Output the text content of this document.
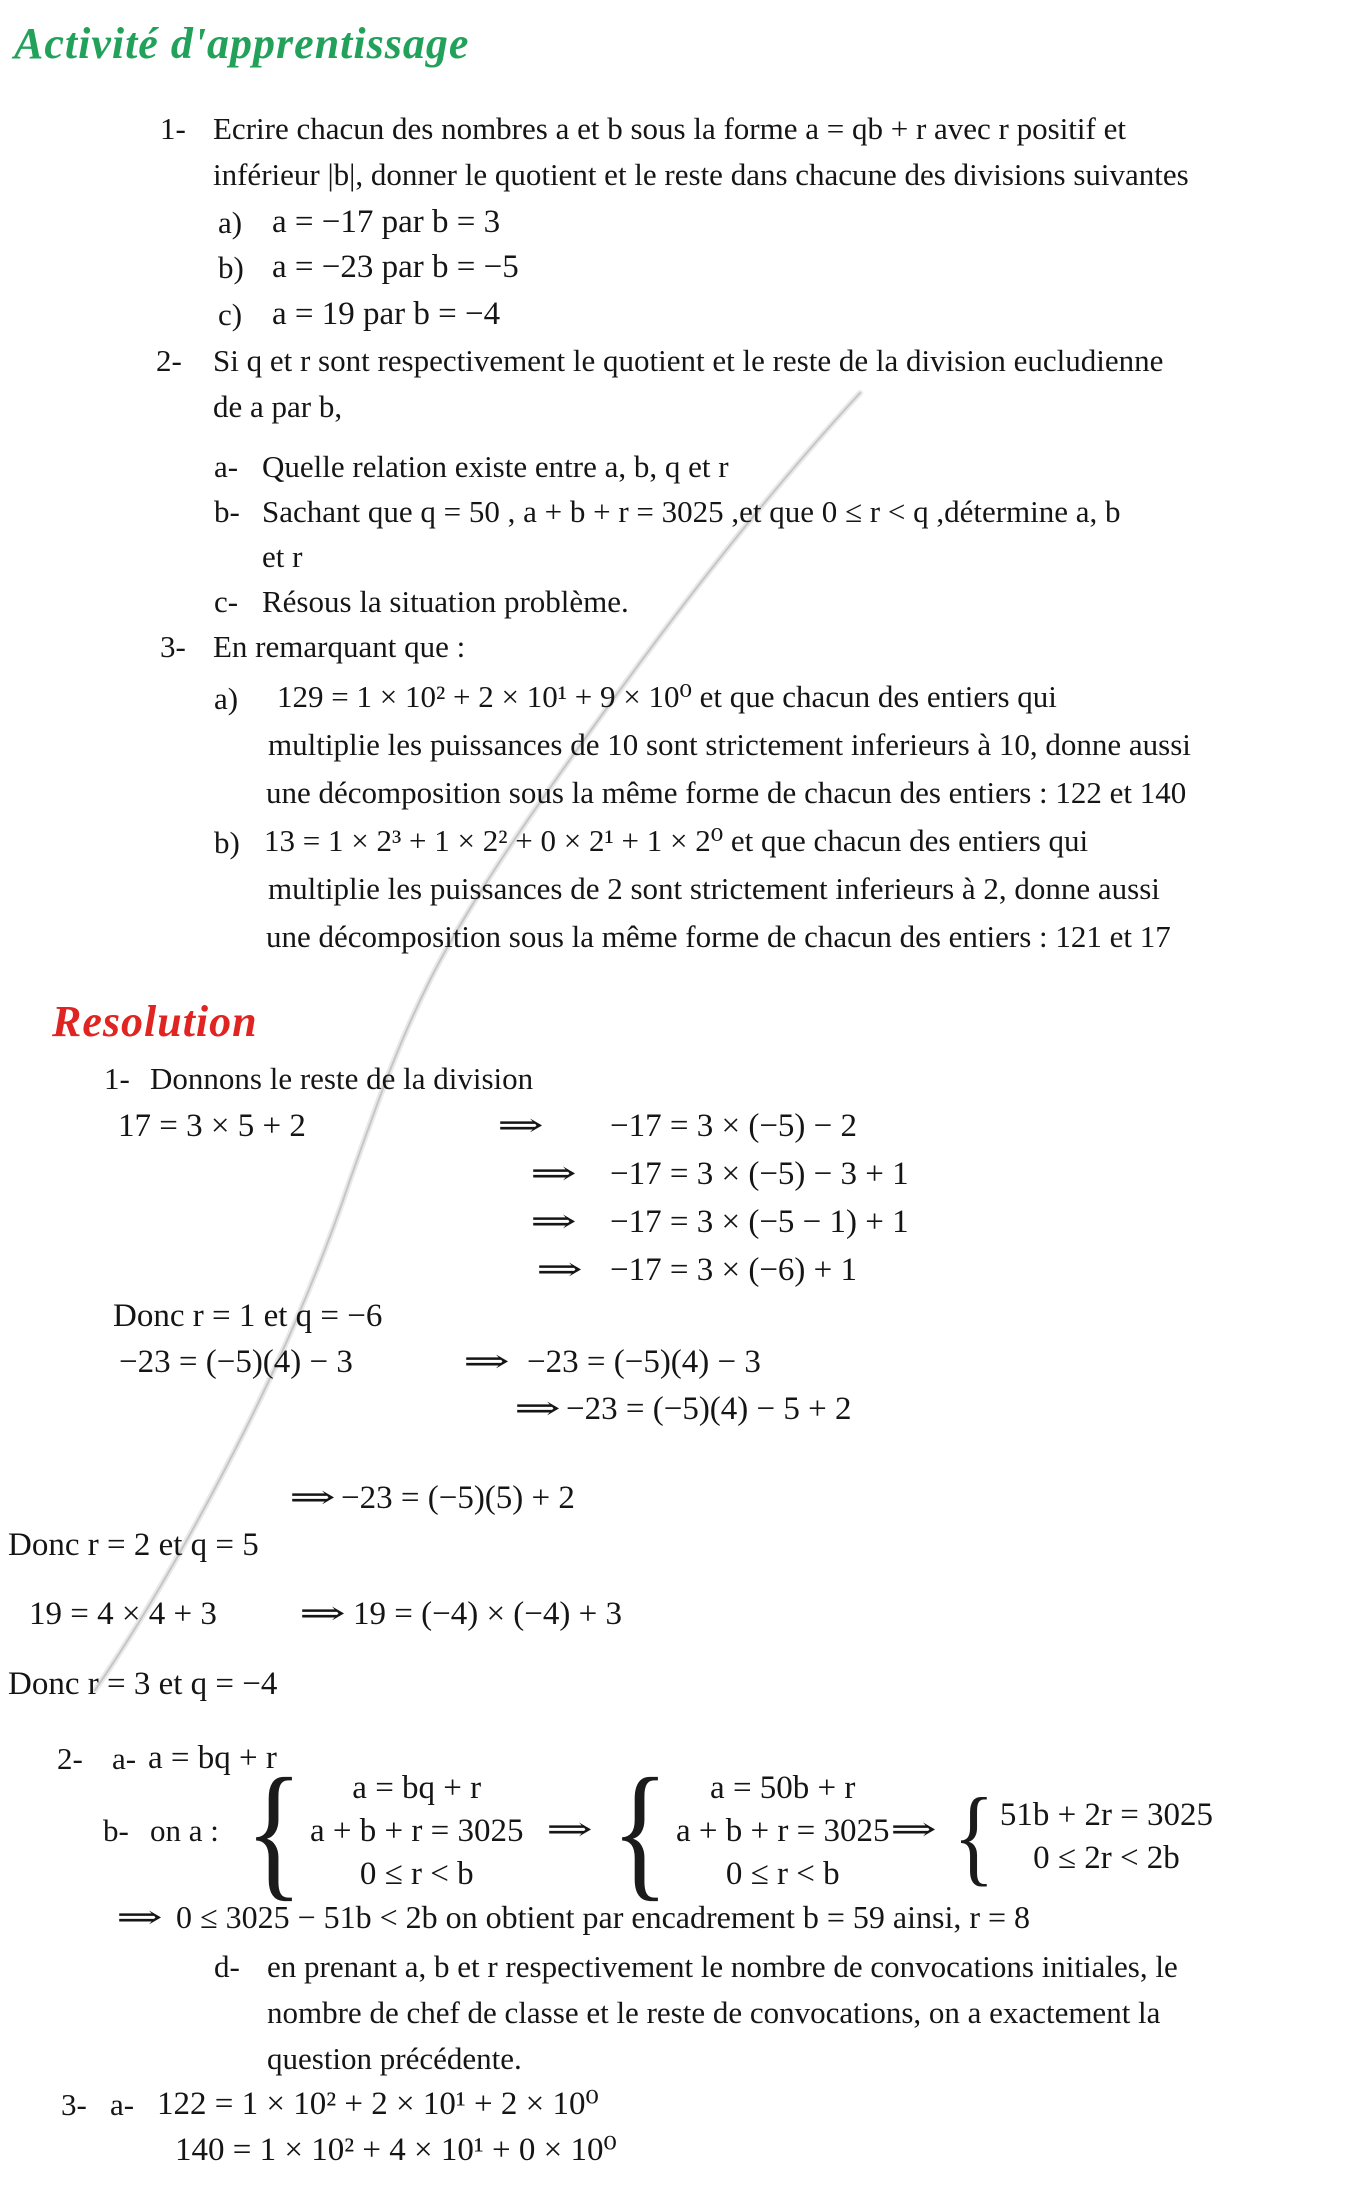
Activité d'apprentissage
1- Ecrire chacun des nombres a et b sous la forme a = qb + r avec r positif et
inférieur |b|, donner le quotient et le reste dans chacune des divisions suivantes
a) a = −17 par b = 3
b) a = −23 par b = −5
c) a = 19 par b = −4
2- Si q et r sont respectivement le quotient et le reste de la division eucludienne
de a par b,
a- Quelle relation existe entre a, b, q et r
b- Sachant que q = 50 , a + b + r = 3025 ,et que 0 ≤ r < q ,détermine a, b
et r
c- Résous la situation problème.
3- En remarquant que :
a) 129 = 1 × 10² + 2 × 10¹ + 9 × 10⁰ et que chacun des entiers qui
multiplie les puissances de 10 sont strictement inferieurs à 10, donne aussi
une décomposition sous la même forme de chacun des entiers : 122 et 140
b) 13 = 1 × 2³ + 1 × 2² + 0 × 2¹ + 1 × 2⁰ et que chacun des entiers qui
multiplie les puissances de 2 sont strictement inferieurs à 2, donne aussi
une décomposition sous la même forme de chacun des entiers : 121 et 17
Resolution
1- Donnons le reste de la division
17 = 3 × 5 + 2	⇒ −17 = 3 × (−5) − 2
⇒ −17 = 3 × (−5) − 3 + 1
⇒ −17 = 3 × (−5 − 1) + 1
⇒ −17 = 3 × (−6) + 1
Donc r = 1 et q = −6
−23 = (−5)(4) − 3	⇒ −23 = (−5)(4) − 3
⇒ −23 = (−5)(4) − 5 + 2
⇒ −23 = (−5)(5) + 2
Donc r = 2 et q = 5
19 = 4 × 4 + 3 ⇒ 19 = (−4) × (−4) + 3
Donc r = 3 et q = −4
2- a- a = bq + r
b- on a : { a = bq + r
a + b + r = 3025
0 ≤ r < b
⇒ { a = 50b + r
a + b + r = 3025
0 ≤ r < b
⇒ { 51b + 2r = 3025
0 ≤ 2r < 2b
⇒ 0 ≤ 3025 − 51b < 2b on obtient par encadrement b = 59 ainsi, r = 8
d- en prenant a, b et r respectivement le nombre de convocations initiales, le
nombre de chef de classe et le reste de convocations, on a exactement la
question précédente.
3- a- 122 = 1 × 10² + 2 × 10¹ + 2 × 10⁰
140 = 1 × 10² + 4 × 10¹ + 0 × 10⁰
